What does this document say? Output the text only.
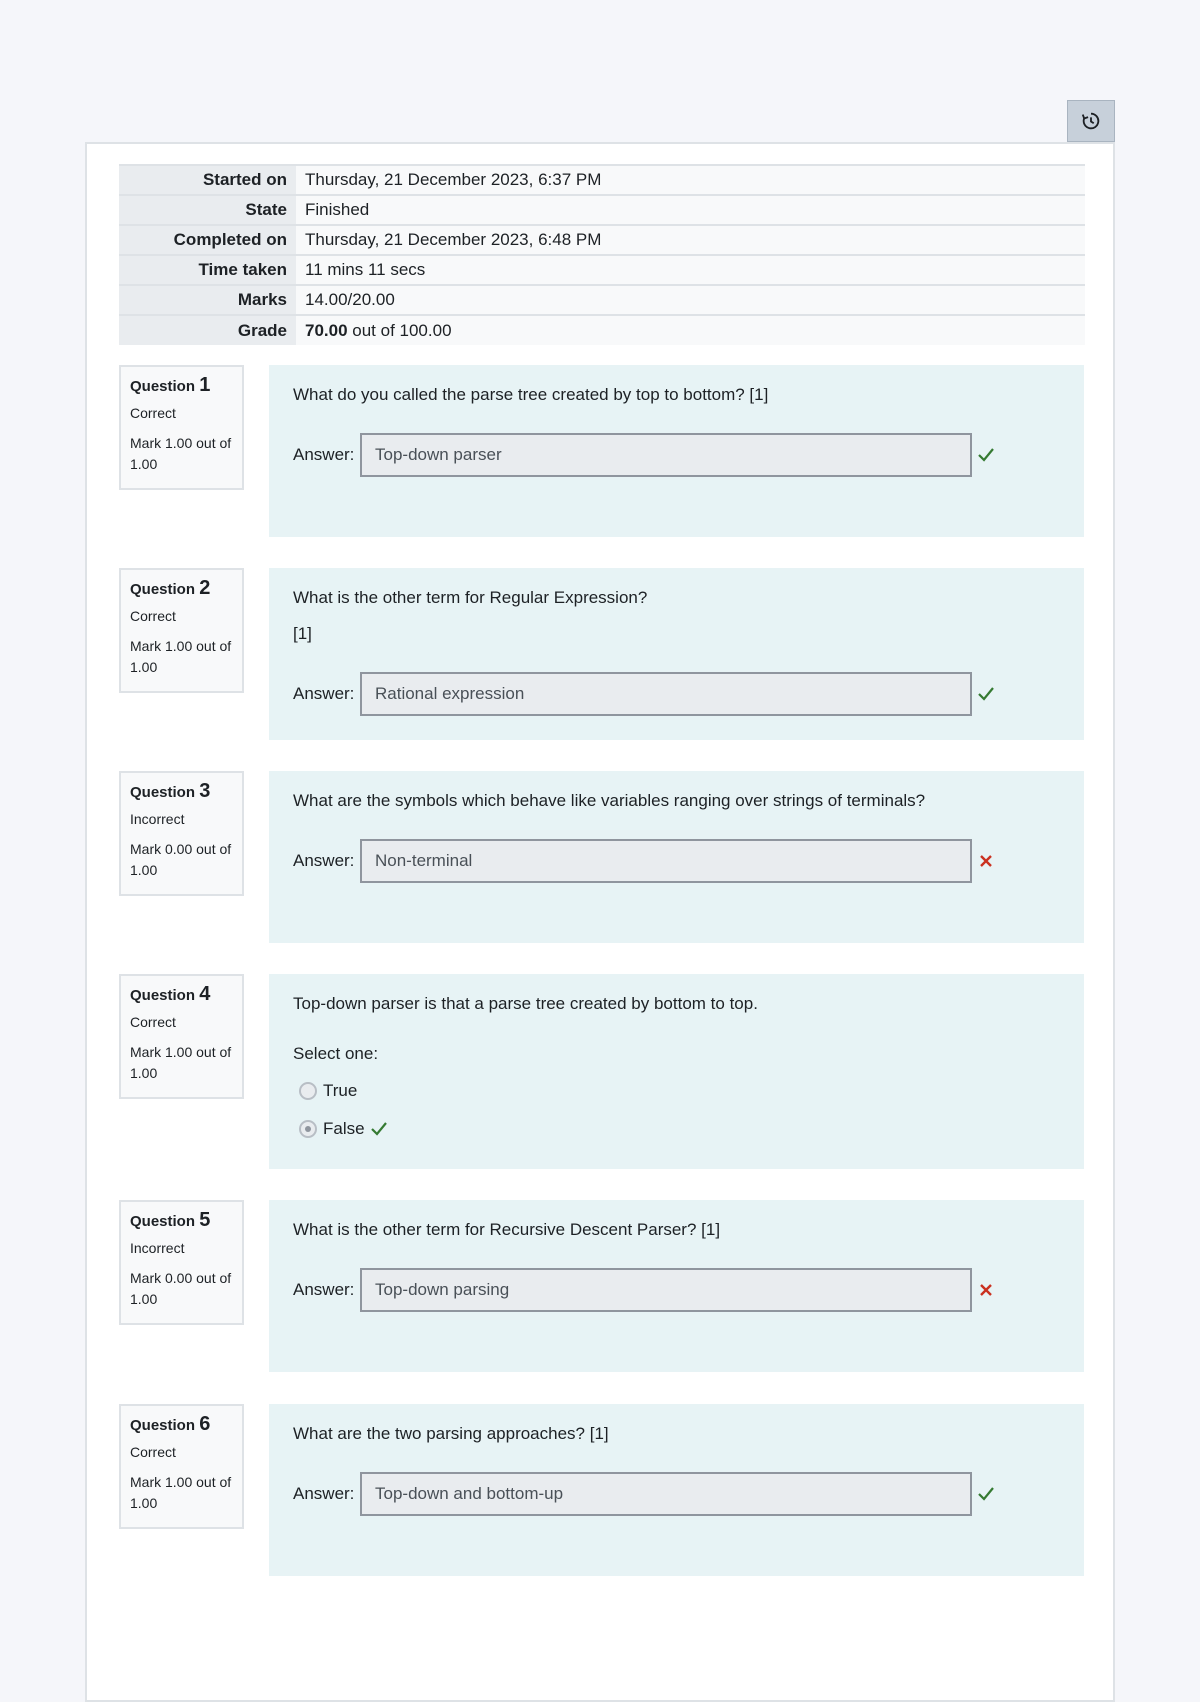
Started on	Thursday, 21 December 2023, 6:37 PM
State	Finished
Completed on	Thursday, 21 December 2023, 6:48 PM
Time taken	11 mins 11 secs
Marks	14.00/20.00
Grade	70.00 out of 100.00
Question 1
Correct
Mark 1.00 out of 1.00
What do you called the parse tree created by top to bottom? [1]
Answer:
Top-down parser
Question 2
Correct
Mark 1.00 out of 1.00
What is the other term for Regular Expression?
[1]
Answer:
Rational expression
Question 3
Incorrect
Mark 0.00 out of 1.00
What are the symbols which behave like variables ranging over strings of terminals?
Answer:
Non-terminal
Question 4
Correct
Mark 1.00 out of 1.00
Top-down parser is that a parse tree created by bottom to top.
Select one:
True
False
Question 5
Incorrect
Mark 0.00 out of 1.00
What is the other term for Recursive Descent Parser? [1]
Answer:
Top-down parsing
Question 6
Correct
Mark 1.00 out of 1.00
What are the two parsing approaches? [1]
Answer:
Top-down and bottom-up
